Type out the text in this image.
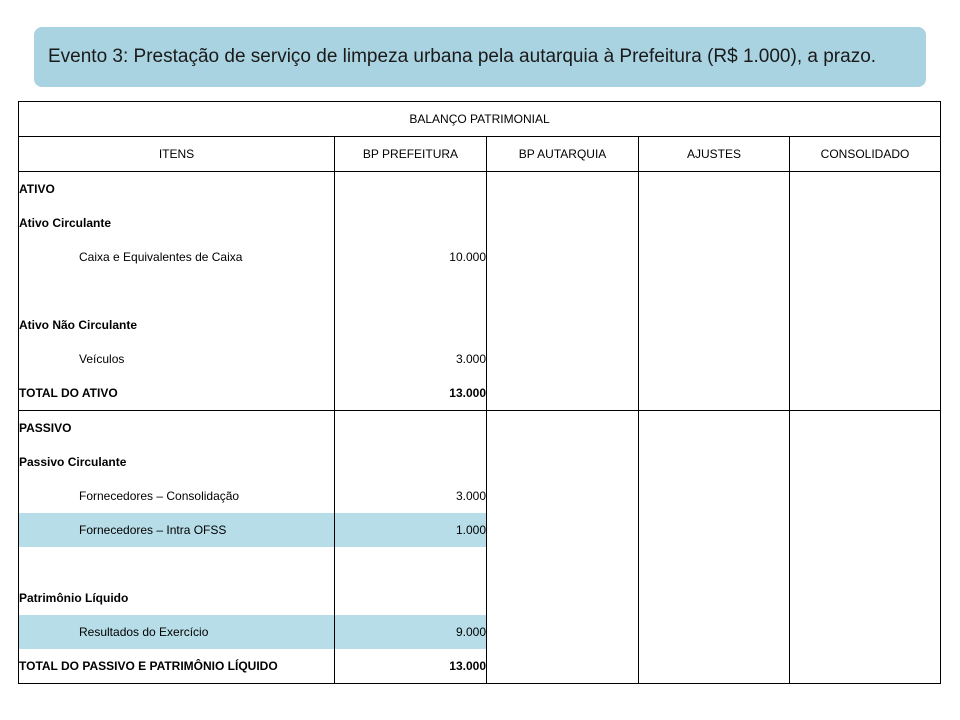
Evento 3: Prestação de serviço de limpeza urbana pela autarquia à Prefeitura (R$ 1.000), a prazo.
BALANÇO PATRIMONIAL				
ITENS	BP PREFEITURA	BP AUTARQUIA	AJUSTES	CONSOLIDADO
ATIVO				
Ativo Circulante				
Caixa e Equivalentes de Caixa	10.000			

Ativo Não Circulante				
Veículos	3.000			
TOTAL DO ATIVO	13.000			
PASSIVO				
Passivo Circulante				
Fornecedores – Consolidação	3.000			
Fornecedores – Intra OFSS	1.000			

Patrimônio Líquido				
Resultados do Exercício	9.000			
TOTAL DO PASSIVO E PATRIMÔNIO LÍQUIDO	13.000			
